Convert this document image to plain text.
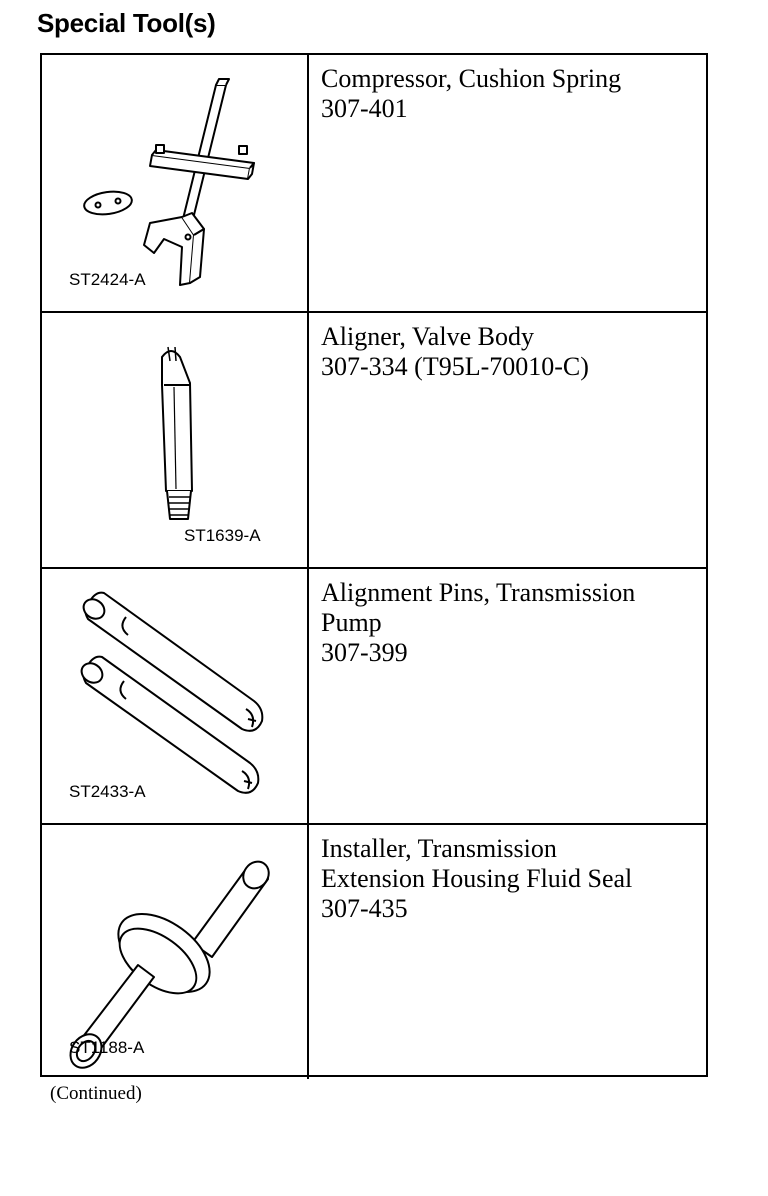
Special Tool(s)
ST2424-A
Compressor, Cushion Spring
307-401
ST1639-A
Aligner, Valve Body
307-334 (T95L-70010-C)
ST2433-A
Alignment Pins, Transmission
Pump
307-399
ST1188-A
Installer, Transmission
Extension Housing Fluid Seal
307-435
(Continued)
